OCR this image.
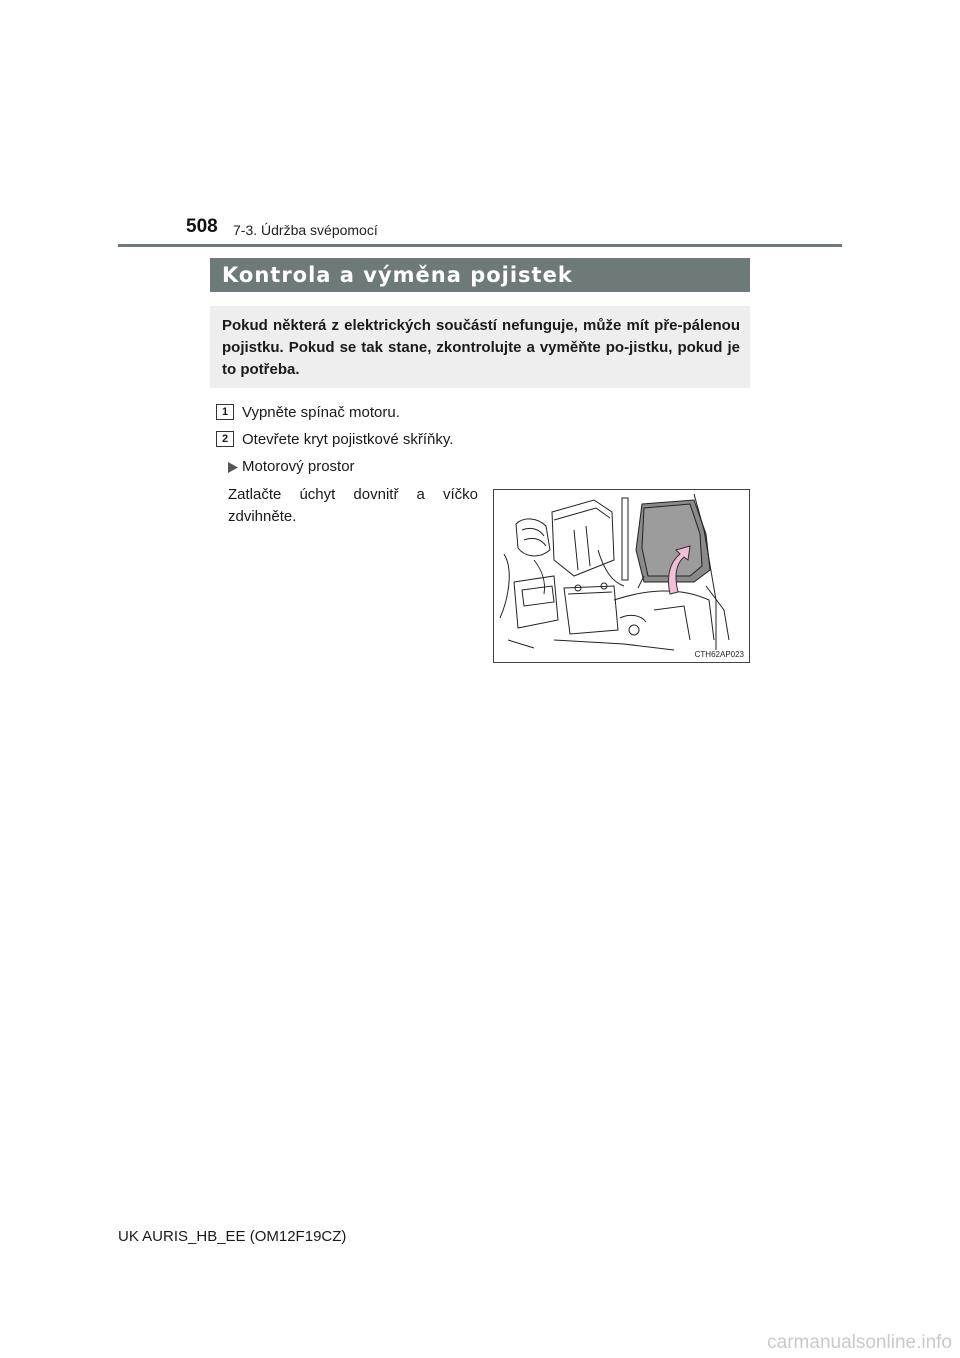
508 7-3. Údržba svépomocí
Kontrola a výměna pojistek
Pokud některá z elektrických součástí nefunguje, může mít pře-pálenou pojistku. Pokud se tak stane, zkontrolujte a vyměňte po-jistku, pokud je to potřeba.
1 Vypněte spínač motoru.
2 Otevřete kryt pojistkové skříňky.
Motorový prostor
Zatlačte úchyt dovnitř a víčko zdvihněte.
CTH62AP023
UK AURIS_HB_EE (OM12F19CZ)
carmanualsonline.info
